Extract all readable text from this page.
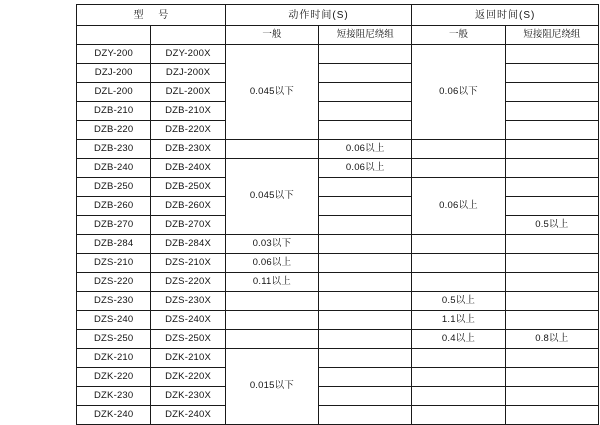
型 号		动作时间(S)		返回时间(S)	
		一般	短接阻尼绕组	一般	短接阻尼绕组
DZY-200	DZY-200X	0.045以下		0.06以下	
DZJ-200	DZJ-200X				
DZL-200	DZL-200X				
DZB-210	DZB-210X				
DZB-220	DZB-220X				
DZB-230	DZB-230X		0.06以上		
DZB-240	DZB-240X	0.045以下	0.06以上		
DZB-250	DZB-250X			0.06以上	
DZB-260	DZB-260X				
DZB-270	DZB-270X				0.5以上
DZB-284	DZB-284X	0.03以下			
DZS-210	DZS-210X	0.06以上			
DZS-220	DZS-220X	0.11以上			
DZS-230	DZS-230X			0.5以上	
DZS-240	DZS-240X			1.1以上	
DZS-250	DZS-250X			0.4以上	0.8以上
DZK-210	DZK-210X	0.015以下			
DZK-220	DZK-220X				
DZK-230	DZK-230X				
DZK-240	DZK-240X				
